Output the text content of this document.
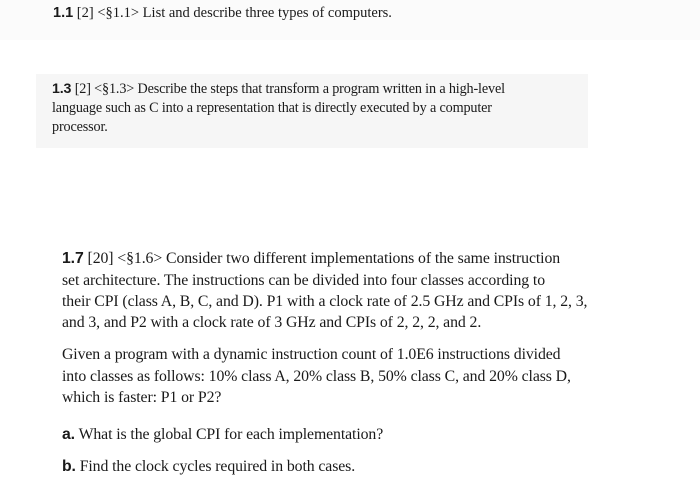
1.1 [2] <§1.1> List and describe three types of computers.

1.3 [2] <§1.3> Describe the steps that transform a program written in a high-level

language such as C into a representation that is directly executed by a computer

processor.

1.7 [20] <§1.6> Consider two different implementations of the same instruction

set architecture. The instructions can be divided into four classes according to

their CPI (class A, B, C, and D). P1 with a clock rate of 2.5 GHz and CPIs of 1, 2, 3,

and 3, and P2 with a clock rate of 3 GHz and CPIs of 2, 2, 2, and 2.

Given a program with a dynamic instruction count of 1.0E6 instructions divided

into classes as follows: 10% class A, 20% class B, 50% class C, and 20% class D,

which is faster: P1 or P2?

a. What is the global CPI for each implementation?

b. Find the clock cycles required in both cases.
